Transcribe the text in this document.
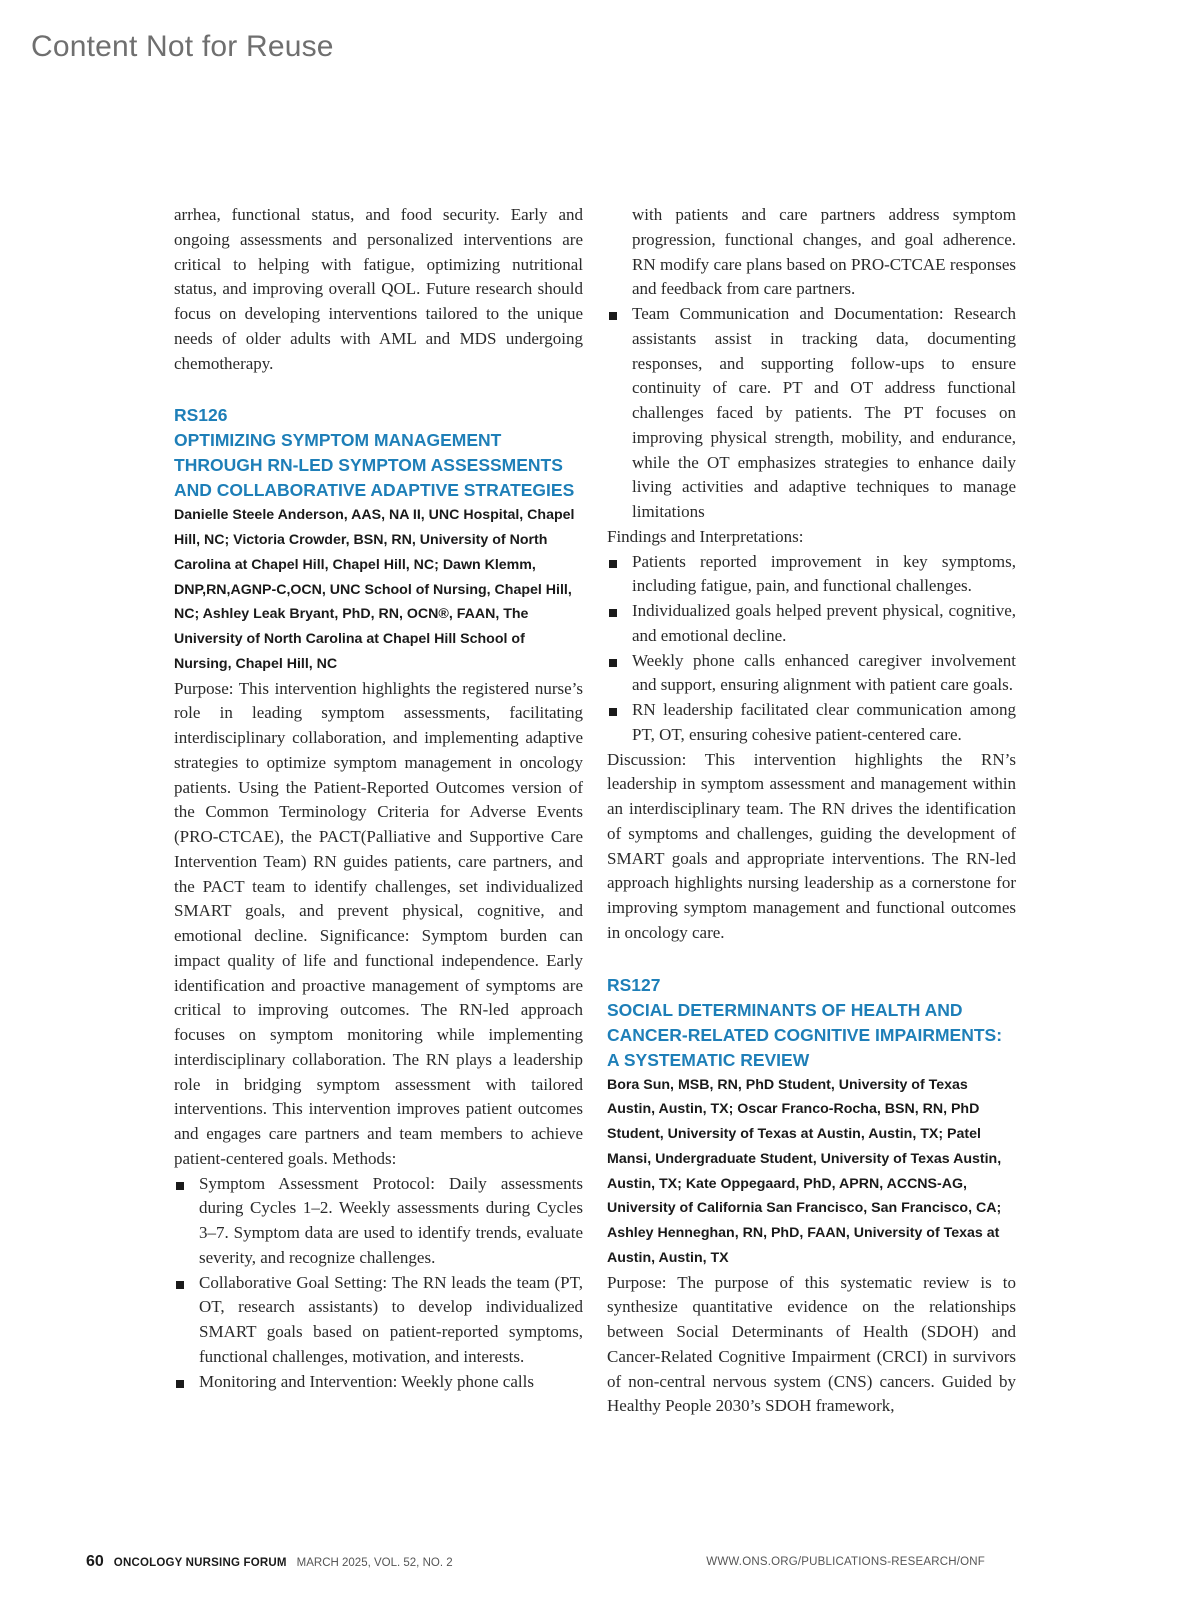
Content Not for Reuse

arrhea, functional status, and food security. Early and ongoing assessments and personalized interventions are critical to helping with fatigue, optimizing nutritional status, and improving overall QOL. Future research should focus on developing interventions tailored to the unique needs of older adults with AML and MDS undergoing chemotherapy.

RS126
OPTIMIZING SYMPTOM MANAGEMENT THROUGH RN-LED SYMPTOM ASSESSMENTS AND COLLABORATIVE ADAPTIVE STRATEGIES
Danielle Steele Anderson, AAS, NA II, UNC Hospital, Chapel Hill, NC; Victoria Crowder, BSN, RN, University of North Carolina at Chapel Hill, Chapel Hill, NC; Dawn Klemm, DNP,RN,AGNP-C,OCN, UNC School of Nursing, Chapel Hill, NC; Ashley Leak Bryant, PhD, RN, OCN®, FAAN, The University of North Carolina at Chapel Hill School of Nursing, Chapel Hill, NC

Purpose: This intervention highlights the registered nurse’s role in leading symptom assessments, facilitating interdisciplinary collaboration, and implementing adaptive strategies to optimize symptom management in oncology patients. Using the Patient-Reported Outcomes version of the Common Terminology Criteria for Adverse Events (PRO-CTCAE), the PACT(Palliative and Supportive Care Intervention Team) RN guides patients, care partners, and the PACT team to identify challenges, set individualized SMART goals, and prevent physical, cognitive, and emotional decline. Significance: Symptom burden can impact quality of life and functional independence. Early identification and proactive management of symptoms are critical to improving outcomes. The RN-led approach focuses on symptom monitoring while implementing interdisciplinary collaboration. The RN plays a leadership role in bridging symptom assessment with tailored interventions. This intervention improves patient outcomes and engages care partners and team members to achieve patient-centered goals. Methods:

Symptom Assessment Protocol: Daily assessments during Cycles 1–2. Weekly assessments during Cycles 3–7. Symptom data are used to identify trends, evaluate severity, and recognize challenges.
Collaborative Goal Setting: The RN leads the team (PT, OT, research assistants) to develop individualized SMART goals based on patient-reported symptoms, functional challenges, motivation, and interests.
Monitoring and Intervention: Weekly phone calls

with patients and care partners address symptom progression, functional changes, and goal adherence. RN modify care plans based on PRO-CTCAE responses and feedback from care partners.

Team Communication and Documentation: Research assistants assist in tracking data, documenting responses, and supporting follow-ups to ensure continuity of care. PT and OT address functional challenges faced by patients. The PT focuses on improving physical strength, mobility, and endurance, while the OT emphasizes strategies to enhance daily living activities and adaptive techniques to manage limitations

Findings and Interpretations:

Patients reported improvement in key symptoms, including fatigue, pain, and functional challenges.
Individualized goals helped prevent physical, cognitive, and emotional decline.
Weekly phone calls enhanced caregiver involvement and support, ensuring alignment with patient care goals.
RN leadership facilitated clear communication among PT, OT, ensuring cohesive patient-centered care.

Discussion: This intervention highlights the RN’s leadership in symptom assessment and management within an interdisciplinary team. The RN drives the identification of symptoms and challenges, guiding the development of SMART goals and appropriate interventions. The RN-led approach highlights nursing leadership as a cornerstone for improving symptom management and functional outcomes in oncology care.

RS127
SOCIAL DETERMINANTS OF HEALTH AND CANCER-RELATED COGNITIVE IMPAIRMENTS: A SYSTEMATIC REVIEW
Bora Sun, MSB, RN, PhD Student, University of Texas Austin, Austin, TX; Oscar Franco-Rocha, BSN, RN, PhD Student, University of Texas at Austin, Austin, TX; Patel Mansi, Undergraduate Student, University of Texas Austin, Austin, TX; Kate Oppegaard, PhD, APRN, ACCNS-AG, University of California San Francisco, San Francisco, CA; Ashley Henneghan, RN, PhD, FAAN, University of Texas at Austin, Austin, TX

Purpose: The purpose of this systematic review is to synthesize quantitative evidence on the relationships between Social Determinants of Health (SDOH) and Cancer-Related Cognitive Impairment (CRCI) in survivors of non-central nervous system (CNS) cancers. Guided by Healthy People 2030’s SDOH framework,

60 ONCOLOGY NURSING FORUM MARCH 2025, VOL. 52, NO. 2	WWW.ONS.ORG/PUBLICATIONS-RESEARCH/ONF
